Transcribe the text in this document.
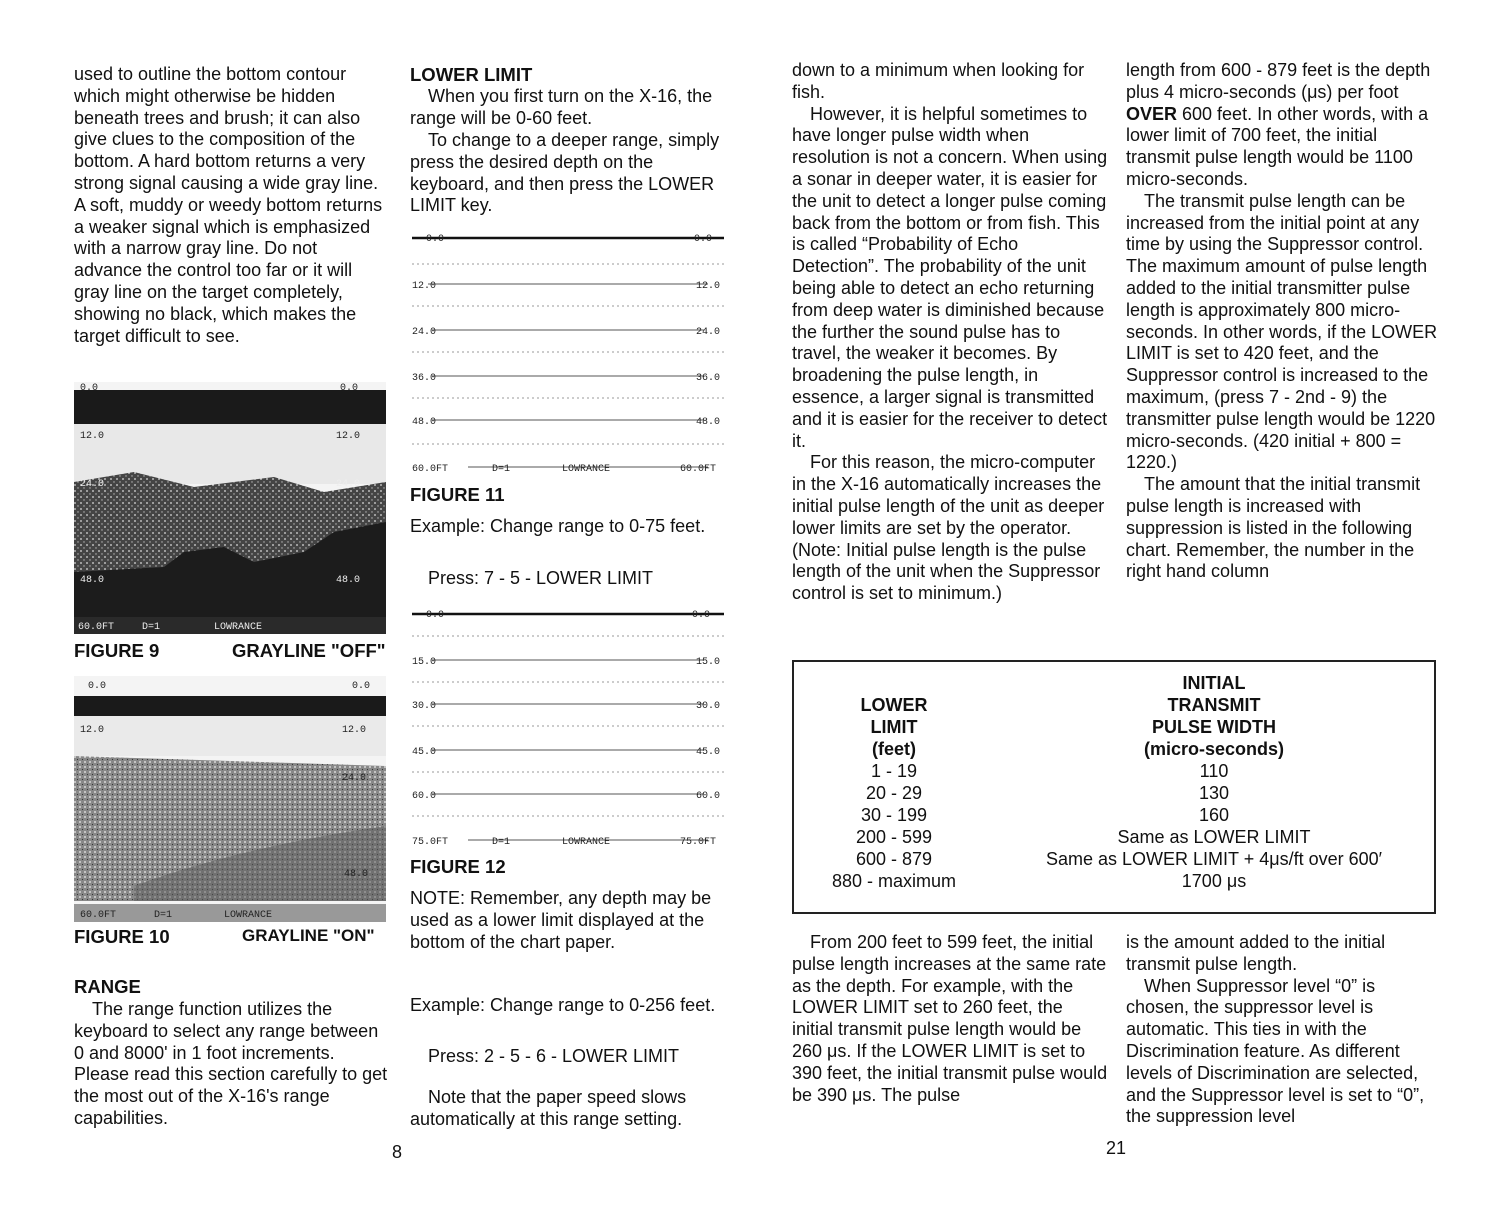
used to outline the bottom contour which might otherwise be hidden beneath trees and brush; it can also give clues to the composition of the bottom. A hard bottom returns a very strong signal causing a wide gray line. A soft, muddy or weedy bottom returns a weaker signal which is emphasized with a narrow gray line. Do not advance the control too far or it will gray line on the target completely, showing no black, which makes the target difficult to see.

0.0	0.0
12.0	12.0
24.0	24.0
48.0	48.0
60.0FT	D=1	LOWRANCE
FIGURE 9	GRAYLINE "OFF"
0.0	0.0
12.0	12.0
24.0
48.0
60.0FT	D=1	LOWRANCE
FIGURE 10	GRAYLINE "ON"
RANGE

The range function utilizes the keyboard to select any range between 0 and 8000' in 1 foot increments. Please read this section carefully to get the most out of the X-16's range capabilities.

LOWER LIMIT

When you first turn on the X-16, the range will be 0-60 feet.

To change to a deeper range, simply press the desired depth on the keyboard, and then press the LOWER LIMIT key.

0.0	0.0
12.0	12.0
24.0	24.0
36.0	36.0
48.0	48.0
60.0FT	D=1	LOWRANCE	60.0FT
FIGURE 11

Example: Change range to 0-75 feet.

Press: 7 - 5 - LOWER LIMIT

0.0	0.0
15.0	15.0
30.0	30.0
45.0	45.0
60.0	60.0
75.0FT	D=1	LOWRANCE	75.0FT
FIGURE 12

NOTE: Remember, any depth may be used as a lower limit displayed at the bottom of the chart paper.

Example: Change range to 0-256 feet.

Press: 2 - 5 - 6 - LOWER LIMIT

Note that the paper speed slows automatically at this range setting.

8

down to a minimum when looking for fish.

However, it is helpful sometimes to have longer pulse width when resolution is not a concern. When using a sonar in deeper water, it is easier for the unit to detect a longer pulse coming back from the bottom or from fish. This is called “Probability of Echo Detection”. The probability of the unit being able to detect an echo returning from deep water is diminished because the further the sound pulse has to travel, the weaker it becomes. By broadening the pulse length, in essence, a larger signal is transmitted and it is easier for the receiver to detect it.

For this reason, the micro-computer in the X-16 automatically increases the initial pulse length of the unit as deeper lower limits are set by the operator. (Note: Initial pulse length is the pulse length of the unit when the Suppressor control is set to minimum.)

length from 600 - 879 feet is the depth plus 4 micro-seconds (μs) per foot OVER 600 feet. In other words, with a lower limit of 700 feet, the initial transmit pulse length would be 1100 micro-seconds.

The transmit pulse length can be increased from the initial point at any time by using the Suppressor control. The maximum amount of pulse length added to the initial transmitter pulse length is approximately 800 micro-seconds. In other words, if the LOWER LIMIT is set to 420 feet, and the Suppressor control is increased to the maximum, (press 7 - 2nd - 9) the transmitter pulse length would be 1220 micro-seconds. (420 initial + 800 = 1220.)

The amount that the initial transmit pulse length is increased with suppression is listed in the following chart. Remember, the number in the right hand column

	INITIAL
LOWER	TRANSMIT
LIMIT	PULSE WIDTH
(feet)	(micro-seconds)
1 - 19	110
20 - 29	130
30 - 199	160
200 - 599	Same as LOWER LIMIT
600 - 879	Same as LOWER LIMIT + 4μs/ft over 600′
880 - maximum	1700 μs

From 200 feet to 599 feet, the initial pulse length increases at the same rate as the depth. For example, with the LOWER LIMIT set to 260 feet, the initial transmit pulse length would be 260 μs. If the LOWER LIMIT is set to 390 feet, the initial transmit pulse would be 390 μs. The pulse

is the amount added to the initial transmit pulse length.

When Suppressor level “0” is chosen, the suppressor level is automatic. This ties in with the Discrimination feature. As different levels of Discrimination are selected, and the Suppressor level is set to “0”, the suppression level

21
